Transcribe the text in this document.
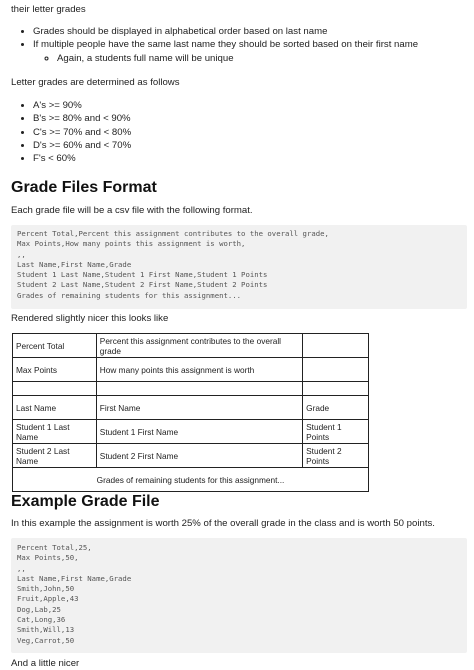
their letter grades

• Grades should be displayed in alphabetical order based on last name
• If multiple people have the same last name they should be sorted based on their first name
◦ Again, a students full name will be unique

Letter grades are determined as follows

• A's >= 90%
• B's >= 80% and < 90%
• C's >= 70% and < 80%
• D's >= 60% and < 70%
• F's < 60%
Grade Files Format

Each grade file will be a csv file with the following format.

Percent Total,Percent this assignment contributes to the overall grade,
Max Points,How many points this assignment is worth,
,,
Last Name,First Name,Grade
Student 1 Last Name,Student 1 First Name,Student 1 Points
Student 2 Last Name,Student 2 First Name,Student 2 Points
Grades of remaining students for this assignment...

Rendered slightly nicer this looks like

Percent Total	Percent this assignment contributes to the overall grade	
Max Points	How many points this assignment is worth	

Last Name	First Name	Grade
Student 1 Last Name	Student 1 First Name	Student 1 Points
Student 2 Last Name	Student 2 First Name	Student 2 Points
Grades of remaining students for this assignment...		
Example Grade File

In this example the assignment is worth 25% of the overall grade in the class and is worth 50 points.

Percent Total,25,
Max Points,50,
,,
Last Name,First Name,Grade
Smith,John,50
Fruit,Apple,43
Dog,Lab,25
Cat,Long,36
Smith,Will,13
Veg,Carrot,50

And a little nicer
